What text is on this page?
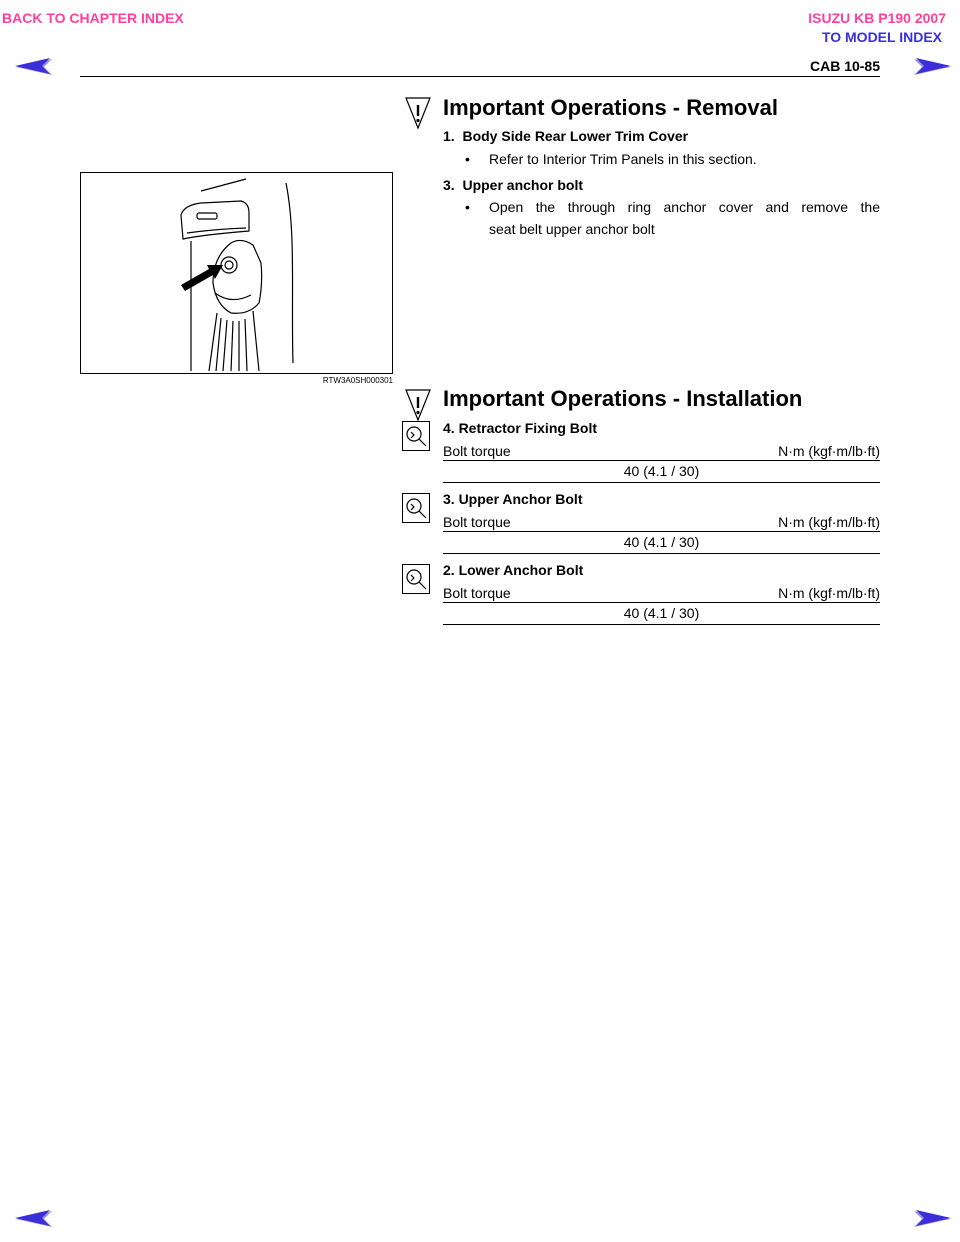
BACK TO CHAPTER INDEX	ISUZU KB P190 2007
TO MODEL INDEX
CAB 10-85
RTW3A0SH000301
Important Operations - Removal
1. Body Side Rear Lower Trim Cover
• Refer to Interior Trim Panels in this section.
3. Upper anchor bolt
• Open the through ring anchor cover and remove the
seat belt upper anchor bolt
Important Operations - Installation
4. Retractor Fixing Bolt
Bolt torque	N·m (kgf·m/lb·ft)
40 (4.1 / 30)
3. Upper Anchor Bolt
Bolt torque	N·m (kgf·m/lb·ft)
40 (4.1 / 30)
2. Lower Anchor Bolt
Bolt torque	N·m (kgf·m/lb·ft)
40 (4.1 / 30)
